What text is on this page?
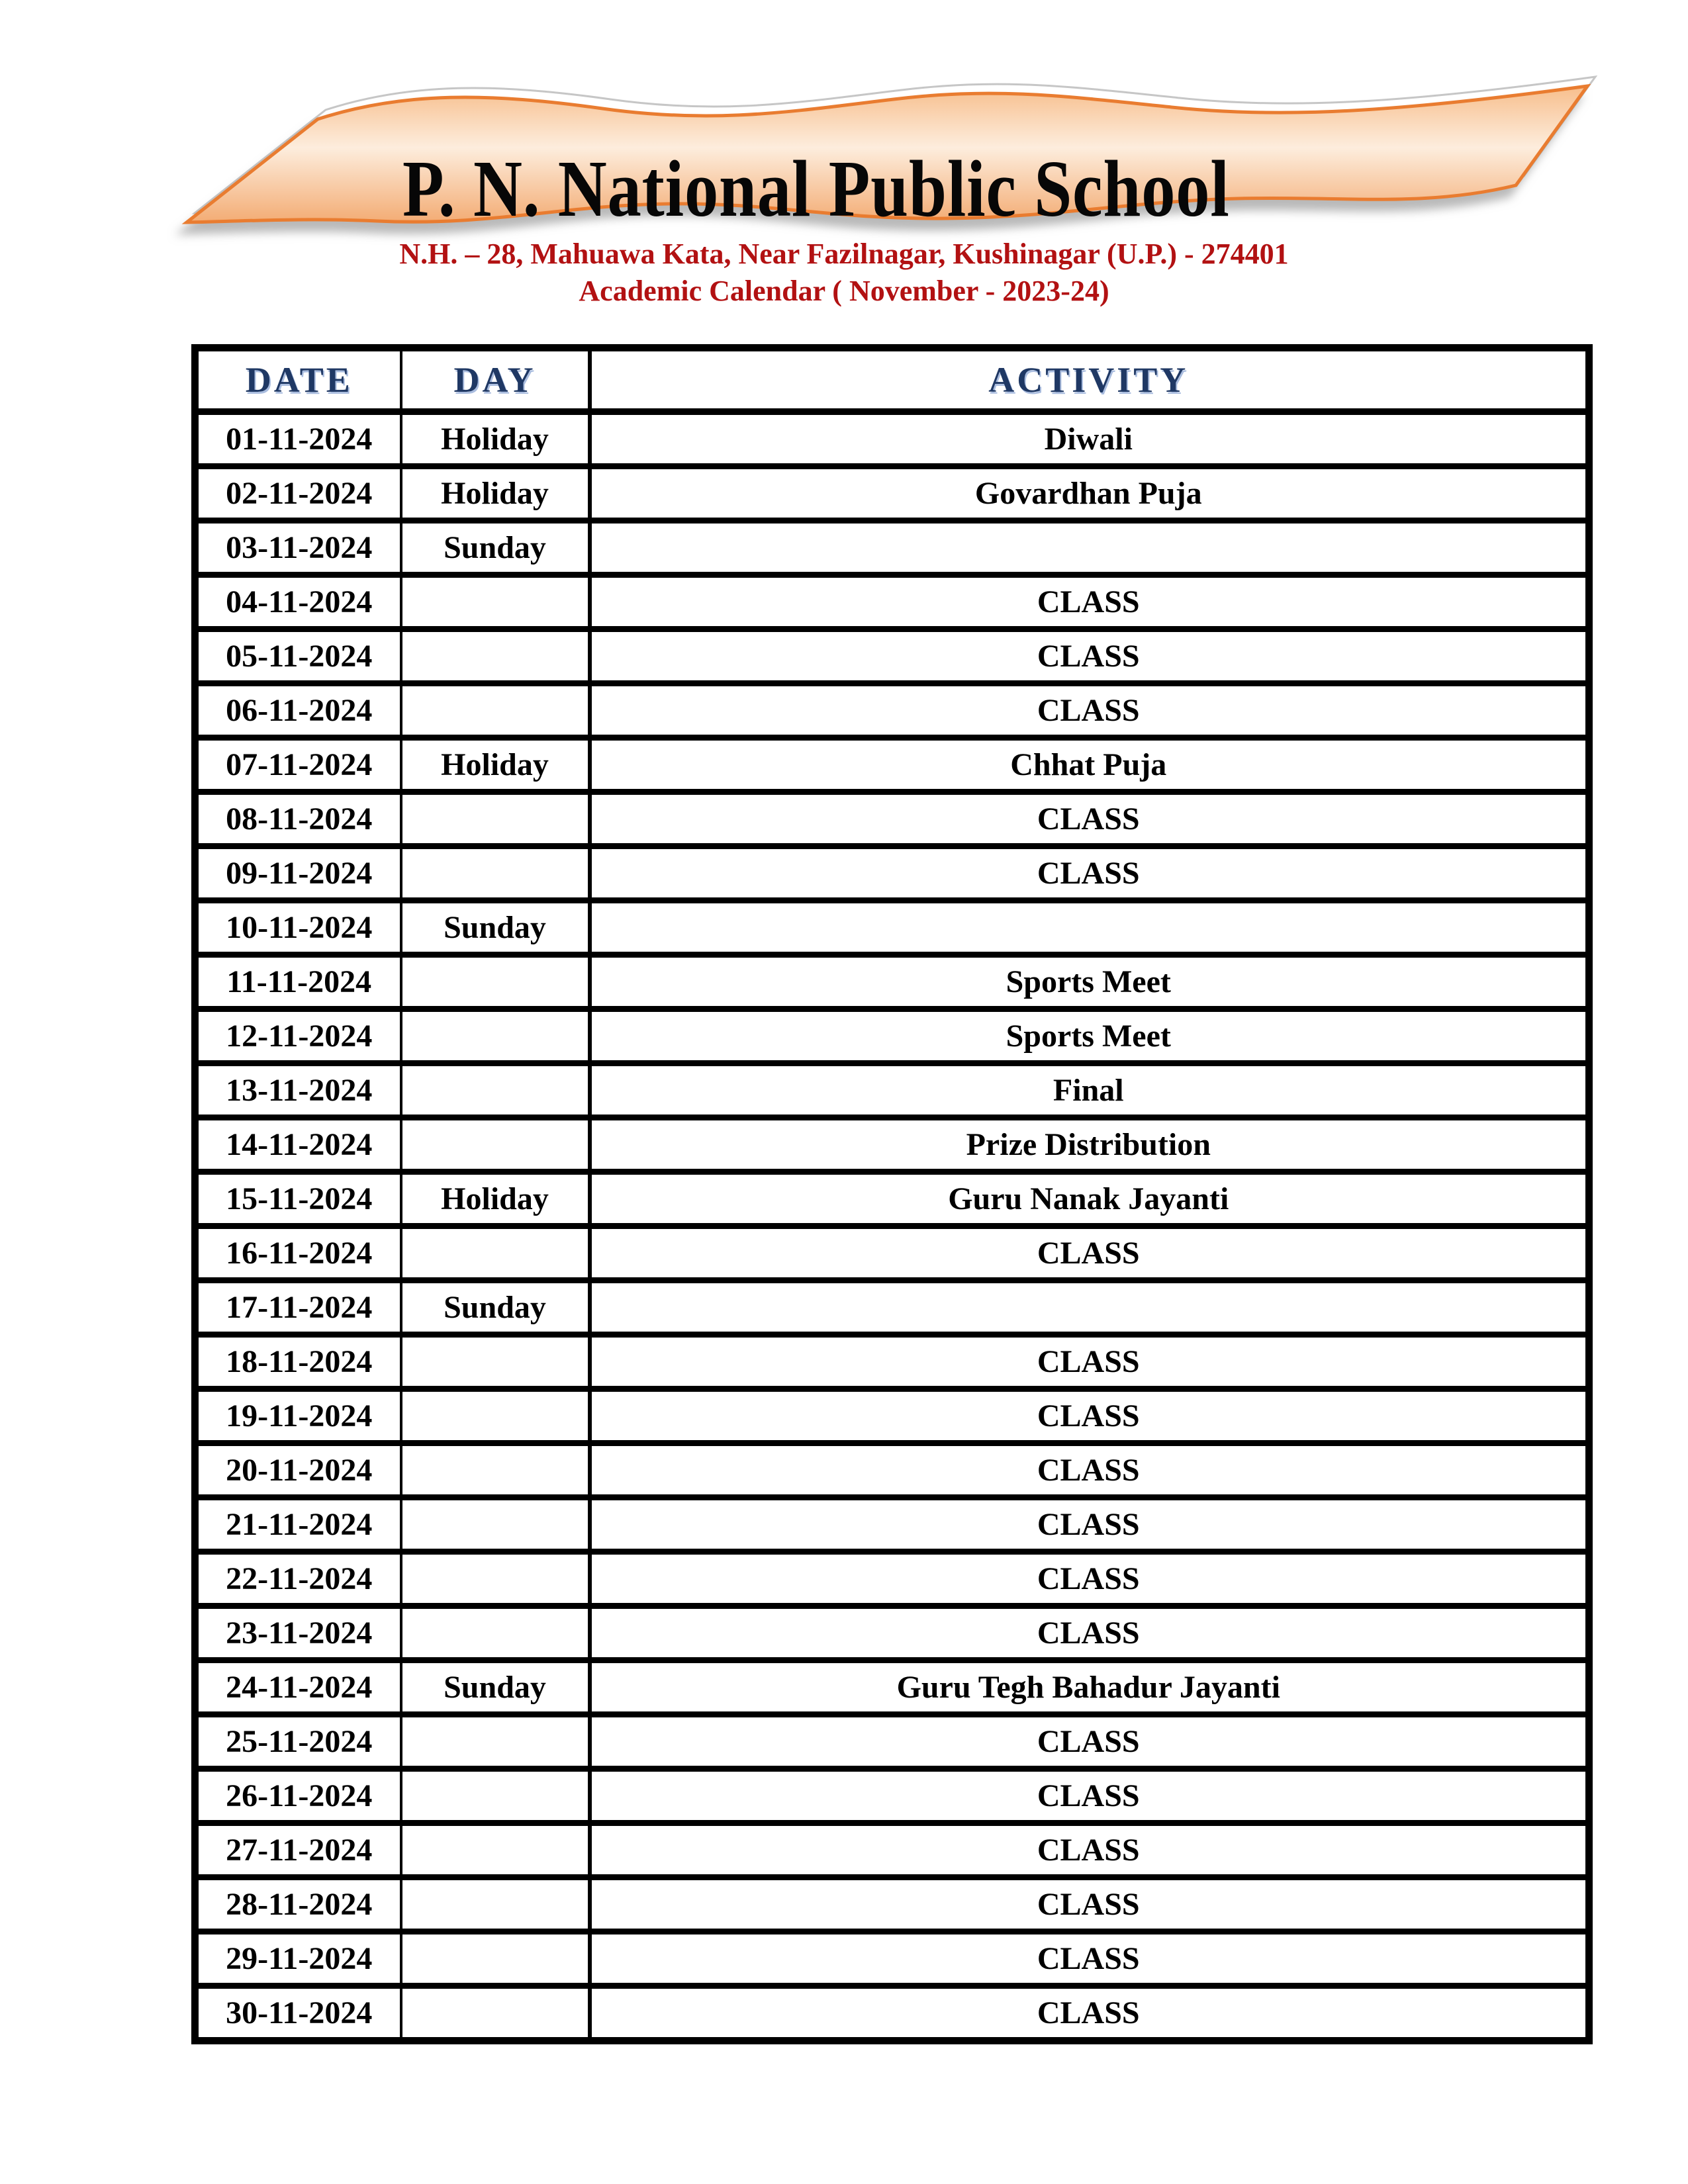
P. N. National Public School
N.H. – 28, Mahuawa Kata, Near Fazilnagar, Kushinagar (U.P.) - 274401
Academic Calendar ( November - 2023-24)
DATE	DAY	ACTIVITY
01-11-2024	Holiday	Diwali
02-11-2024	Holiday	Govardhan Puja
03-11-2024	Sunday	
04-11-2024		CLASS
05-11-2024		CLASS
06-11-2024		CLASS
07-11-2024	Holiday	Chhat Puja
08-11-2024		CLASS
09-11-2024		CLASS
10-11-2024	Sunday	
11-11-2024		Sports Meet
12-11-2024		Sports Meet
13-11-2024		Final
14-11-2024		Prize Distribution
15-11-2024	Holiday	Guru Nanak Jayanti
16-11-2024		CLASS
17-11-2024	Sunday	
18-11-2024		CLASS
19-11-2024		CLASS
20-11-2024		CLASS
21-11-2024		CLASS
22-11-2024		CLASS
23-11-2024		CLASS
24-11-2024	Sunday	Guru Tegh Bahadur Jayanti
25-11-2024		CLASS
26-11-2024		CLASS
27-11-2024		CLASS
28-11-2024		CLASS
29-11-2024		CLASS
30-11-2024		CLASS
